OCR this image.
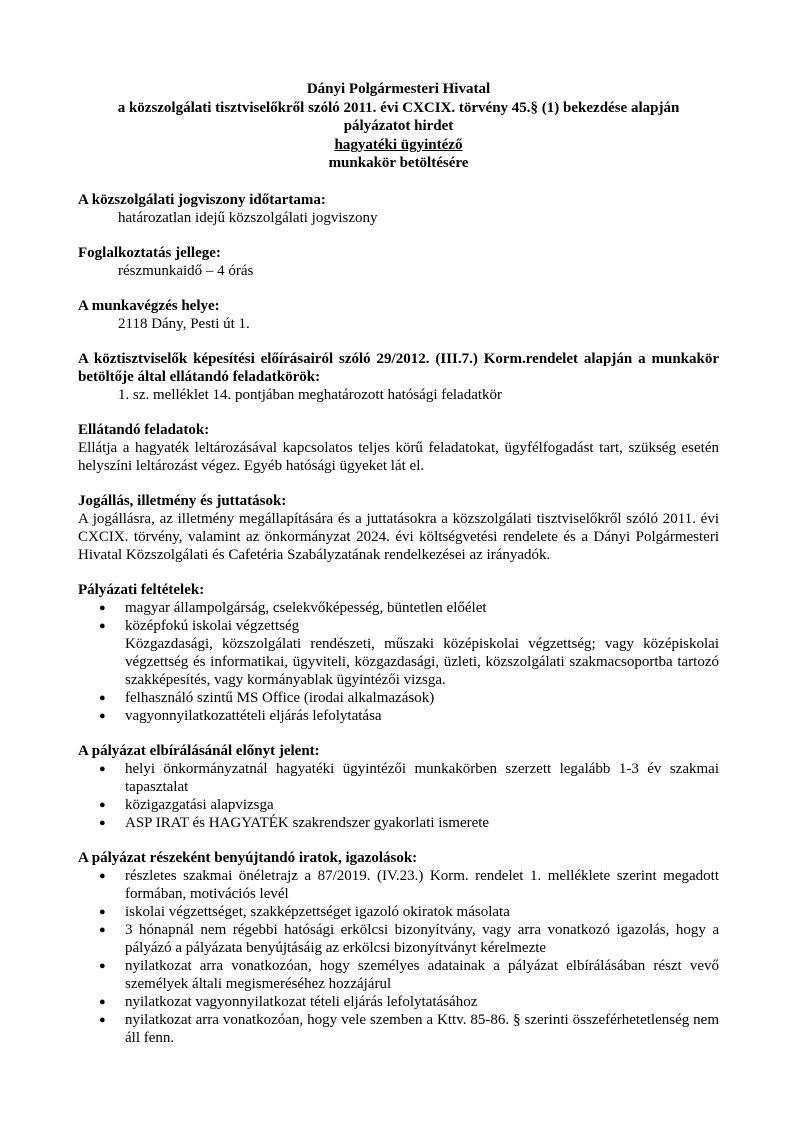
Dányi Polgármesteri Hivatal
a közszolgálati tisztviselőkről szóló 2011. évi CXCIX. törvény 45.§ (1) bekezdése alapján
pályázatot hirdet
hagyatéki ügyintéző
munkakör betöltésére
A közszolgálati jogviszony időtartama:
határozatlan idejű közszolgálati jogviszony
Foglalkoztatás jellege:
részmunkaidő – 4 órás
A munkavégzés helye:
2118 Dány, Pesti út 1.
A köztisztviselők képesítési előírásairól szóló 29/2012. (III.7.) Korm.rendelet alapján a munkakör betöltője által ellátandó feladatkörök:
1. sz. melléklet 14. pontjában meghatározott hatósági feladatkör
Ellátandó feladatok:
Ellátja a hagyaték leltározásával kapcsolatos teljes körű feladatokat, ügyfélfogadást tart, szükség esetén helyszíni leltározást végez. Egyéb hatósági ügyeket lát el.
Jogállás, illetmény és juttatások:
A jogállásra, az illetmény megállapítására és a juttatásokra a közszolgálati tisztviselőkről szóló 2011. évi CXCIX. törvény, valamint az önkormányzat 2024. évi költségvetési rendelete és a Dányi Polgármesteri Hivatal Közszolgálati és Cafetéria Szabályzatának rendelkezései az irányadók.
Pályázati feltételek:
● magyar állampolgárság, cselekvőképesség, büntetlen előélet
● középfokú iskolai végzettség
Közgazdasági, közszolgálati rendészeti, műszaki középiskolai végzettség; vagy középiskolai végzettség és informatikai, ügyviteli, közgazdasági, üzleti, közszolgálati szakmacsoportba tartozó szakképesítés, vagy kormányablak ügyintézői vizsga.
● felhasználó szintű MS Office (irodai alkalmazások)
● vagyonnyilatkozattételi eljárás lefolytatása
A pályázat elbírálásánál előnyt jelent:
● helyi önkormányzatnál hagyatéki ügyintézői munkakörben szerzett legalább 1-3 év szakmai tapasztalat
● közigazgatási alapvizsga
● ASP IRAT és HAGYATÉK szakrendszer gyakorlati ismerete
A pályázat részeként benyújtandó iratok, igazolások:
● részletes szakmai önéletrajz a 87/2019. (IV.23.) Korm. rendelet 1. melléklete szerint megadott formában, motivációs levél
● iskolai végzettséget, szakképzettséget igazoló okiratok másolata
● 3 hónapnál nem régebbi hatósági erkölcsi bizonyítvány, vagy arra vonatkozó igazolás, hogy a pályázó a pályázata benyújtásáig az erkölcsi bizonyítványt kérelmezte
● nyilatkozat arra vonatkozóan, hogy személyes adatainak a pályázat elbírálásában részt vevő személyek általi megismeréséhez hozzájárul
● nyilatkozat vagyonnyilatkozat tételi eljárás lefolytatásához
● nyilatkozat arra vonatkozóan, hogy vele szemben a Kttv. 85-86. § szerinti összeférhetetlenség nem áll fenn.
